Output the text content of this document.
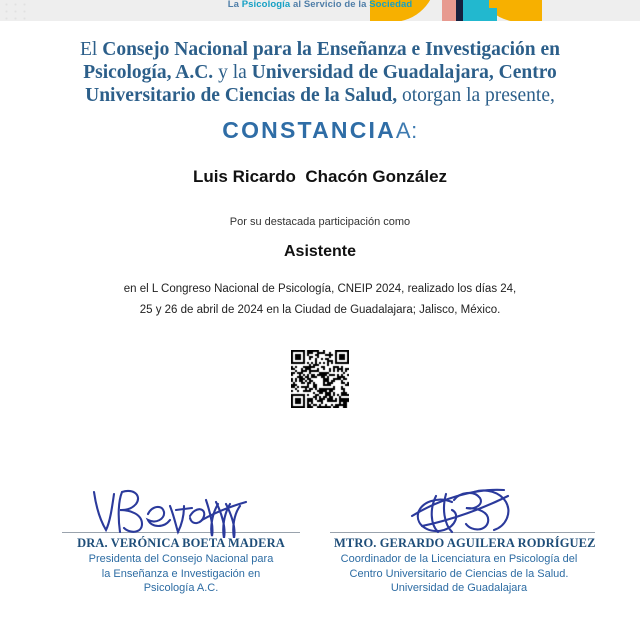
La Psicología al Servicio de la Sociedad
El Consejo Nacional para la Enseñanza e Investigación en
Psicología, A.C. y la Universidad de Guadalajara, Centro
Universitario de Ciencias de la Salud, otorgan la presente,
CONSTANCIAA:
Luis Ricardo  Chacón González
Por su destacada participación como
Asistente
en el L Congreso Nacional de Psicología, CNEIP 2024, realizado los días 24,
25 y 26 de abril de 2024 en la Ciudad de Guadalajara; Jalisco, México.
DRA. VERÓNICA BOETA MADERA
Presidenta del Consejo Nacional para
la Enseñanza e Investigación en
Psicología A.C.
MTRO. GERARDO AGUILERA RODRÍGUEZ
Coordinador de la Licenciatura en Psicología del
Centro Universitario de Ciencias de la Salud.
Universidad de Guadalajara
